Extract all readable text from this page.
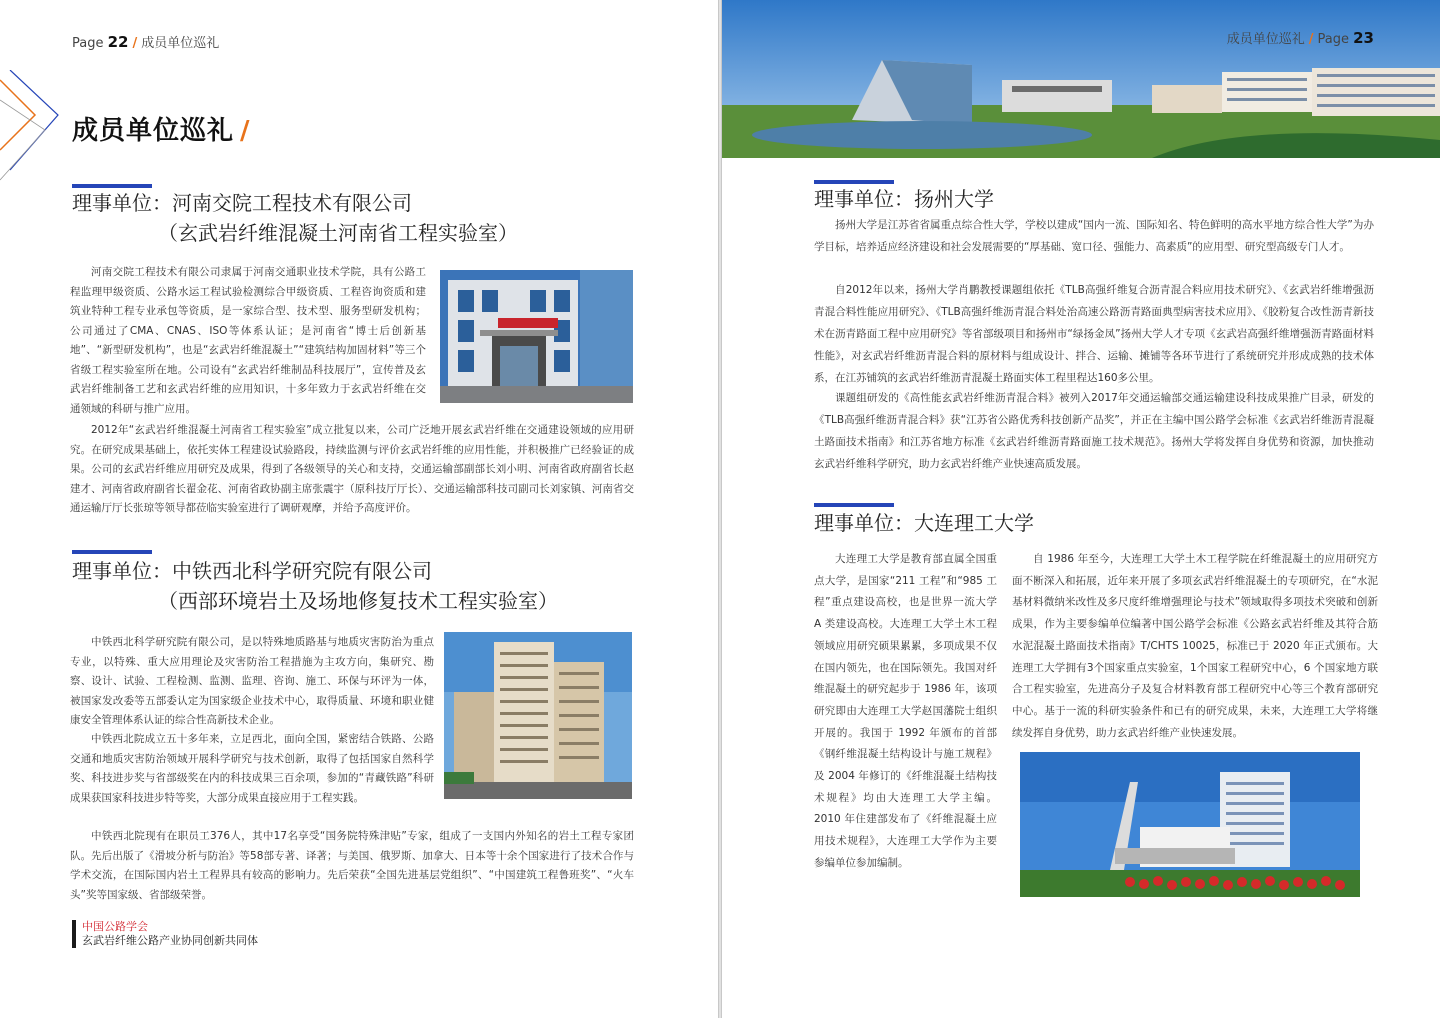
Page 22 / 成员单位巡礼
成员单位巡礼 /
理事单位：河南交院工程技术有限公司
（玄武岩纤维混凝土河南省工程实验室）

河南交院工程技术有限公司隶属于河南交通职业技术学院，具有公路工程监理甲级资质、公路水运工程试验检测综合甲级资质、工程咨询资质和建筑业特种工程专业承包等资质，是一家综合型、技术型、服务型研发机构；公司通过了CMA、CNAS、ISO等体系认证；是河南省“博士后创新基地”、“新型研发机构”，也是“玄武岩纤维混凝土”“建筑结构加固材料”等三个省级工程实验室所在地。公司设有“玄武岩纤维制品科技展厅”，宣传普及玄武岩纤维制备工艺和玄武岩纤维的应用知识，十多年致力于玄武岩纤维在交通领域的科研与推广应用。

2012年“玄武岩纤维混凝土河南省工程实验室”成立批复以来，公司广泛地开展玄武岩纤维在交通建设领域的应用研究。在研究成果基础上，依托实体工程建设试验路段，持续监测与评价玄武岩纤维的应用性能，并积极推广已经验证的成果。公司的玄武岩纤维应用研究及成果，得到了各级领导的关心和支持，交通运输部副部长刘小明、河南省政府副省长赵建才、河南省政府副省长翟金花、河南省政协副主席张震宇（原科技厅厅长）、交通运输部科技司副司长刘家镇、河南省交通运输厅厅长张琼等领导都莅临实验室进行了调研观摩，并给予高度评价。

理事单位：中铁西北科学研究院有限公司
（西部环境岩土及场地修复技术工程实验室）

中铁西北科学研究院有限公司，是以特殊地质路基与地质灾害防治为重点专业，以特殊、重大应用理论及灾害防治工程措施为主攻方向，集研究、勘察、设计、试验、工程检测、监测、监理、咨询、施工、环保与环评为一体，被国家发改委等五部委认定为国家级企业技术中心，取得质量、环境和职业健康安全管理体系认证的综合性高新技术企业。

中铁西北院成立五十多年来，立足西北，面向全国，紧密结合铁路、公路交通和地质灾害防治领域开展科学研究与技术创新，取得了包括国家自然科学奖、科技进步奖与省部级奖在内的科技成果三百余项，参加的“青藏铁路”科研成果获国家科技进步特等奖，大部分成果直接应用于工程实践。

中铁西北院现有在职员工376人，其中17名享受“国务院特殊津贴”专家，组成了一支国内外知名的岩土工程专家团队。先后出版了《滑坡分析与防治》等58部专著、译著；与美国、俄罗斯、加拿大、日本等十余个国家进行了技术合作与学术交流，在国际国内岩土工程界具有较高的影响力。先后荣获“全国先进基层党组织”、“中国建筑工程鲁班奖”、“火车头”奖等国家级、省部级荣誉。

中国公路学会
玄武岩纤维公路产业协同创新共同体
成员单位巡礼 / Page 23
理事单位：扬州大学

扬州大学是江苏省省属重点综合性大学，学校以建成“国内一流、国际知名、特色鲜明的高水平地方综合性大学”为办学目标，培养适应经济建设和社会发展需要的“厚基础、宽口径、强能力、高素质”的应用型、研究型高级专门人才。

自2012年以来，扬州大学肖鹏教授课题组依托《TLB高强纤维复合沥青混合料应用技术研究》、《玄武岩纤维增强沥青混合料性能应用研究》、《TLB高强纤维沥青混合料处治高速公路沥青路面典型病害技术应用》、《胶粉复合改性沥青新技术在沥青路面工程中应用研究》等省部级项目和扬州市“绿扬金凤”扬州大学人才专项《玄武岩高强纤维增强沥青路面材料性能》，对玄武岩纤维沥青混合料的原材料与组成设计、拌合、运输、摊铺等各环节进行了系统研究并形成成熟的技术体系，在江苏铺筑的玄武岩纤维沥青混凝土路面实体工程里程达160多公里。

课题组研发的《高性能玄武岩纤维沥青混合料》被列入2017年交通运输部交通运输建设科技成果推广目录，研发的《TLB高强纤维沥青混合料》获“江苏省公路优秀科技创新产品奖”，并正在主编中国公路学会标准《玄武岩纤维沥青混凝土路面技术指南》和江苏省地方标准《玄武岩纤维沥青路面施工技术规范》。扬州大学将发挥自身优势和资源，加快推动玄武岩纤维科学研究，助力玄武岩纤维产业快速高质发展。

理事单位：大连理工大学

大连理工大学是教育部直属全国重点大学，是国家“211 工程”和“985 工程”重点建设高校，也是世界一流大学 A 类建设高校。大连理工大学土木工程领域应用研究硕果累累，多项成果不仅在国内领先，也在国际领先。我国对纤维混凝土的研究起步于 1986 年，该项研究即由大连理工大学赵国藩院士组织开展的。我国于 1992 年颁布的首部《钢纤维混凝土结构设计与施工规程》及 2004 年修订的《纤维混凝土结构技术规程》均由大连理工大学主编。2010 年住建部发布了《纤维混凝土应用技术规程》，大连理工大学作为主要参编单位参加编制。

自 1986 年至今，大连理工大学土木工程学院在纤维混凝土的应用研究方面不断深入和拓展，近年来开展了多项玄武岩纤维混凝土的专项研究，在“水泥基材料微纳米改性及多尺度纤维增强理论与技术”领域取得多项技术突破和创新成果，作为主要参编单位编著中国公路学会标准《公路玄武岩纤维及其符合筋水泥混凝土路面技术指南》T/CHTS 10025，标准已于 2020 年正式颁布。大连理工大学拥有3个国家重点实验室，1个国家工程研究中心，6 个国家地方联合工程实验室，先进高分子及复合材料教育部工程研究中心等三个教育部研究中心。基于一流的科研实验条件和已有的研究成果，未来，大连理工大学将继续发挥自身优势，助力玄武岩纤维产业快速发展。
